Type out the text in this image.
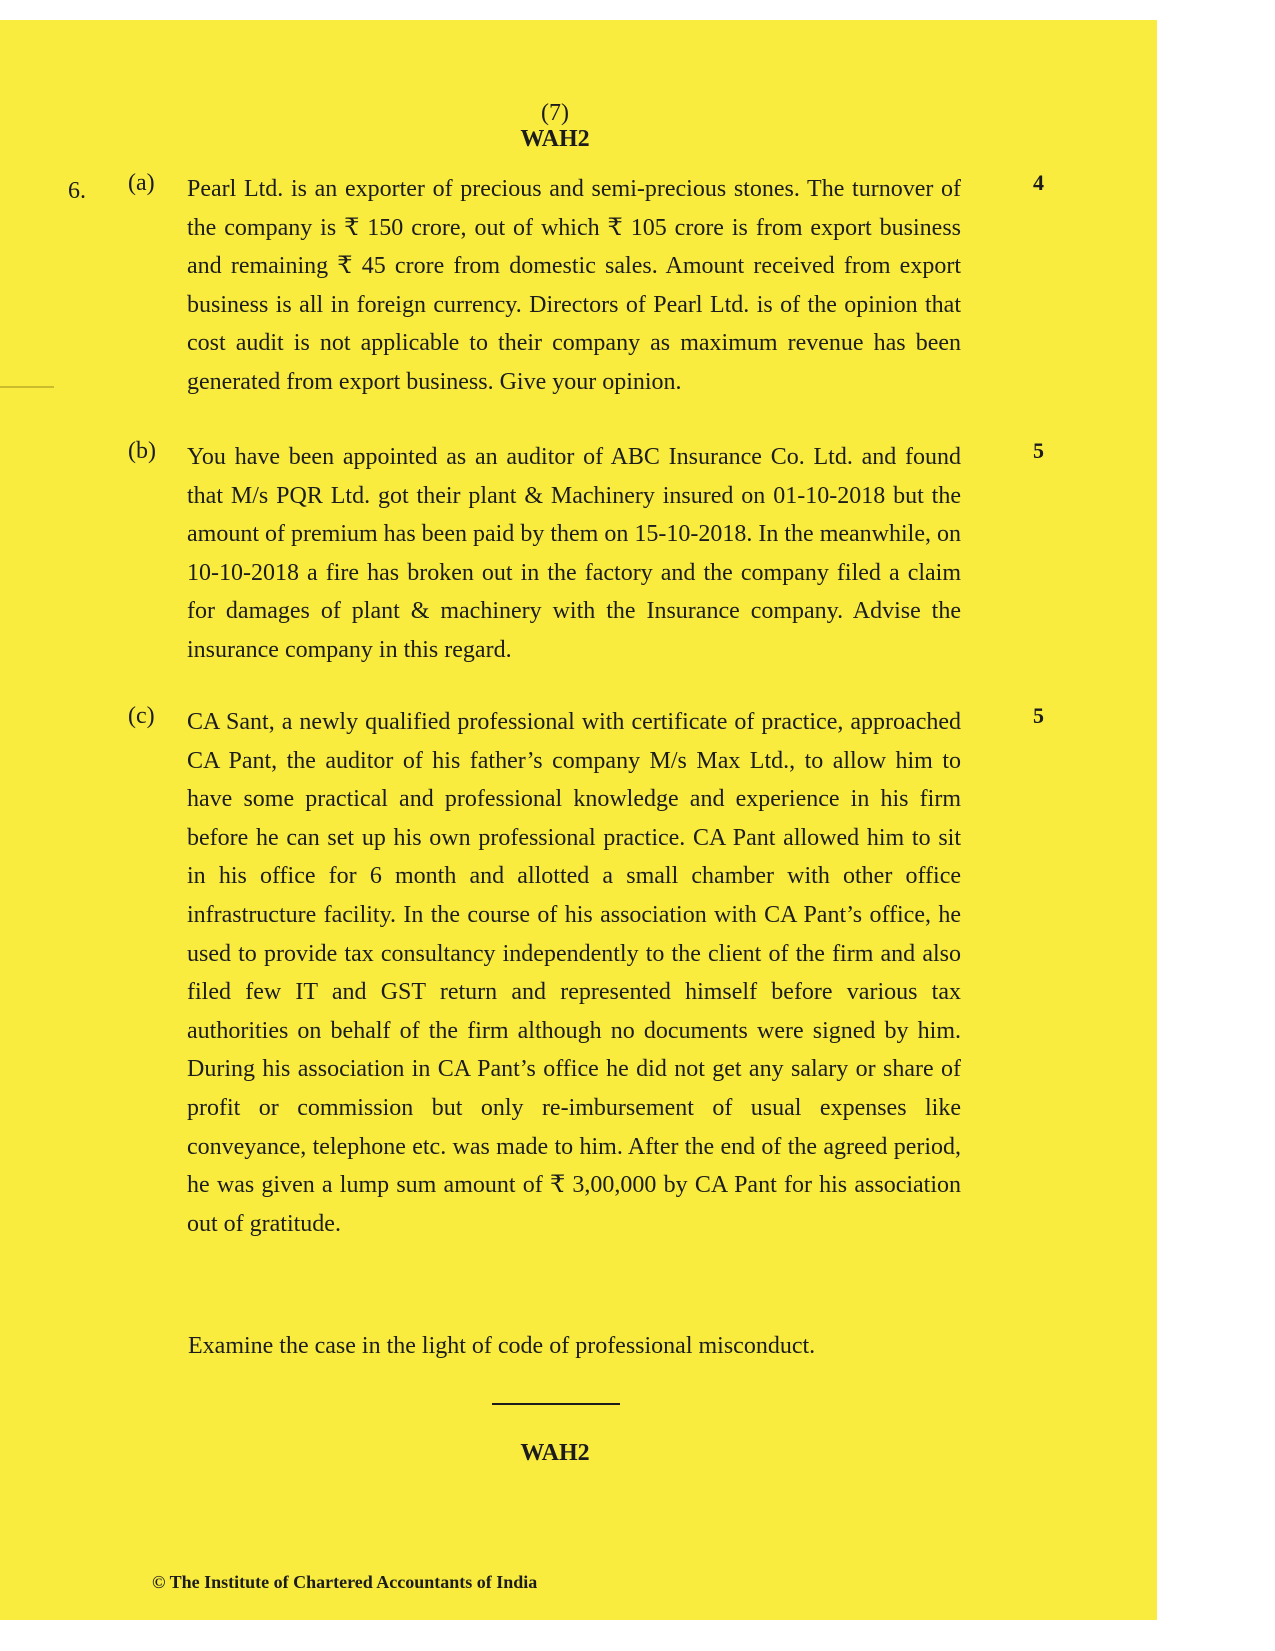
(7)
WAH2
6. (a) Pearl Ltd. is an exporter of precious and semi-precious stones. The turnover of the company is ₹ 150 crore, out of which ₹ 105 crore is from export business and remaining ₹ 45 crore from domestic sales. Amount received from export business is all in foreign currency. Directors of Pearl Ltd. is of the opinion that cost audit is not applicable to their company as maximum revenue has been generated from export business. Give your opinion.

4
(b) You have been appointed as an auditor of ABC Insurance Co. Ltd. and found that M/s PQR Ltd. got their plant & Machinery insured on 01-10-2018 but the amount of premium has been paid by them on 15-10-2018. In the meanwhile, on 10-10-2018 a fire has broken out in the factory and the company filed a claim for damages of plant & machinery with the Insurance company. Advise the insurance company in this regard.

5
(c) CA Sant, a newly qualified professional with certificate of practice, approached CA Pant, the auditor of his father’s company M/s Max Ltd., to allow him to have some practical and professional knowledge and experience in his firm before he can set up his own professional practice. CA Pant allowed him to sit in his office for 6 month and allotted a small chamber with other office infrastructure facility. In the course of his association with CA Pant’s office, he used to provide tax consultancy independently to the client of the firm and also filed few IT and GST return and represented himself before various tax authorities on behalf of the firm although no documents were signed by him. During his association in CA Pant’s office he did not get any salary or share of profit or commission but only re-imbursement of usual expenses like conveyance, telephone etc. was made to him. After the end of the agreed period, he was given a lump sum amount of ₹ 3,00,000 by CA Pant for his association out of gratitude.

5
Examine the case in the light of code of professional misconduct.
WAH2
© The Institute of Chartered Accountants of India
